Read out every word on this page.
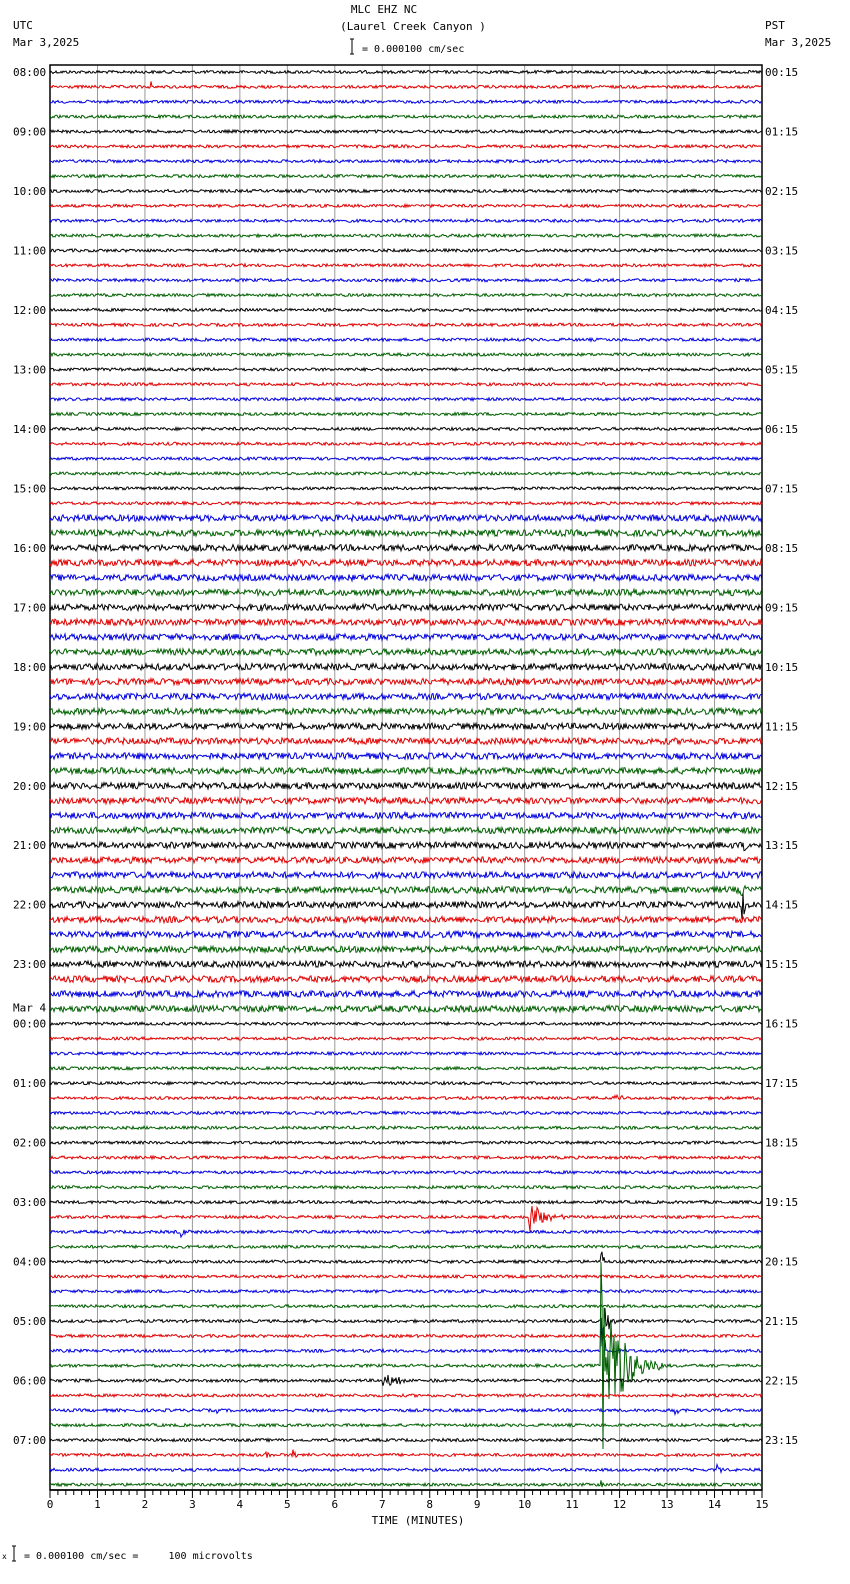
MLC EHZ NC
(Laurel Creek Canyon )
UTC
Mar 3,2025
PST
Mar 3,2025
= 0.000100 cm/sec
08:00
09:00
10:00
11:00
12:00
13:00
14:00
15:00
16:00
17:00
18:00
19:00
20:00
21:00
22:00
23:00
00:00
Mar 4
01:00
02:00
03:00
04:00
05:00
06:00
07:00
00:15
01:15
02:15
03:15
04:15
05:15
06:15
07:15
08:15
09:15
10:15
11:15
12:15
13:15
14:15
15:15
16:15
17:15
18:15
19:15
20:15
21:15
22:15
23:15
0	1	2	3	4	5	6	7	8	9	10	11	12	13	14	15
TIME (MINUTES)
x = 0.000100 cm/sec =     100 microvolts
